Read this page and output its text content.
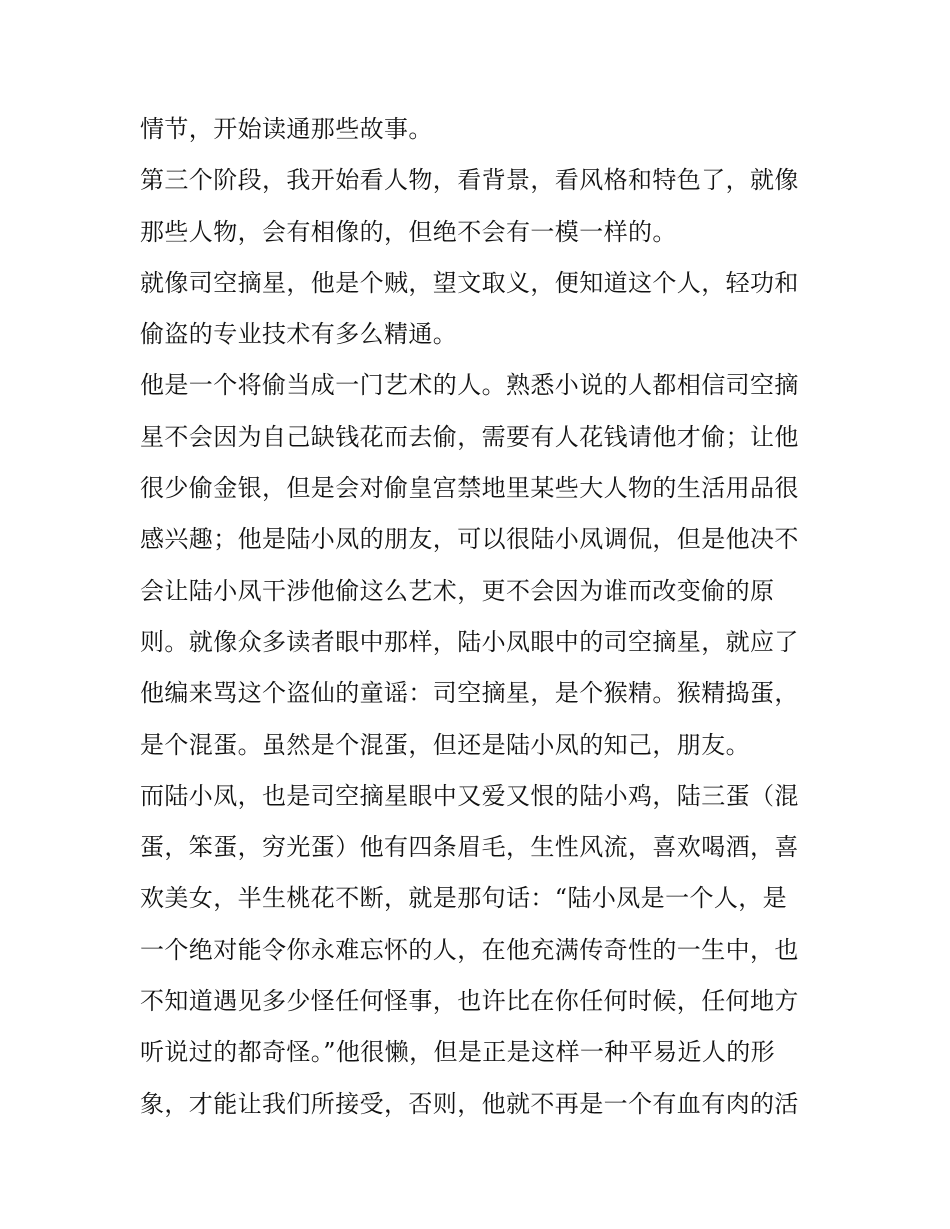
情节，开始读通那些故事。
第三个阶段，我开始看人物，看背景，看风格和特色了，就像
那些人物，会有相像的，但绝不会有一模一样的。
就像司空摘星，他是个贼，望文取义，便知道这个人，轻功和
偷盗的专业技术有多么精通。
他是一个将偷当成一门艺术的人。熟悉小说的人都相信司空摘
星不会因为自己缺钱花而去偷，需要有人花钱请他才偷；让他
很少偷金银，但是会对偷皇宫禁地里某些大人物的生活用品很
感兴趣；他是陆小凤的朋友，可以很陆小凤调侃，但是他决不
会让陆小凤干涉他偷这么艺术，更不会因为谁而改变偷的原
则。就像众多读者眼中那样，陆小凤眼中的司空摘星，就应了
他编来骂这个盗仙的童谣：司空摘星，是个猴精。猴精捣蛋，
是个混蛋。虽然是个混蛋，但还是陆小凤的知己，朋友。
而陆小凤，也是司空摘星眼中又爱又恨的陆小鸡，陆三蛋（混
蛋，笨蛋，穷光蛋）他有四条眉毛，生性风流，喜欢喝酒，喜
欢美女，半生桃花不断，就是那句话：“陆小凤是一个人，是
一个绝对能令你永难忘怀的人，在他充满传奇性的一生中，也
不知道遇见多少怪任何怪事，也许比在你任何时候，任何地方
听说过的都奇怪。”他很懒，但是正是这样一种平易近人的形
象，才能让我们所接受，否则，他就不再是一个有血有肉的活
